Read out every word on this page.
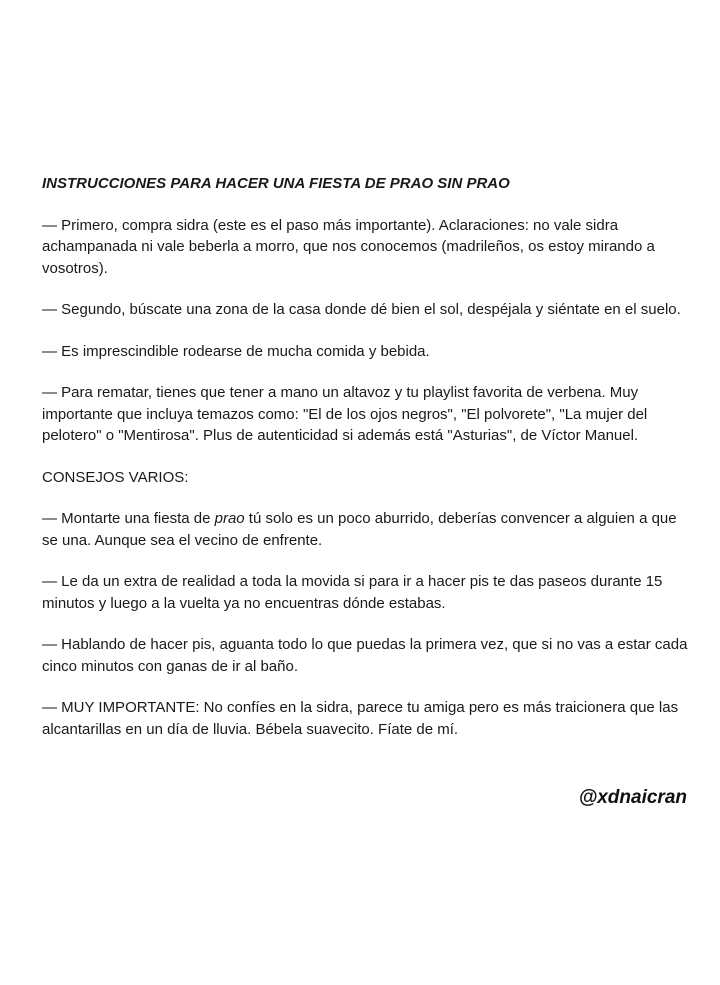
INSTRUCCIONES PARA HACER UNA FIESTA DE PRAO SIN PRAO
— Primero, compra sidra (este es el paso más importante). Aclaraciones: no vale sidra achampanada ni vale beberla a morro, que nos conocemos (madrileños, os estoy mirando a vosotros).
— Segundo, búscate una zona de la casa donde dé bien el sol, despéjala y siéntate en el suelo.
— Es imprescindible rodearse de mucha comida y bebida.
— Para rematar, tienes que tener a mano un altavoz y tu playlist favorita de verbena. Muy importante que incluya temazos como: "El de los ojos negros", "El polvorete", "La mujer del pelotero" o "Mentirosa". Plus de autenticidad si además está "Asturias", de Víctor Manuel.
CONSEJOS VARIOS:
— Montarte una fiesta de prao tú solo es un poco aburrido, deberías convencer a alguien a que se una. Aunque sea el vecino de enfrente.
— Le da un extra de realidad a toda la movida si para ir a hacer pis te das paseos durante 15 minutos y luego a la vuelta ya no encuentras dónde estabas.
— Hablando de hacer pis, aguanta todo lo que puedas la primera vez, que si no vas a estar cada cinco minutos con ganas de ir al baño.
— MUY IMPORTANTE: No confíes en la sidra, parece tu amiga pero es más traicionera que las alcantarillas en un día de lluvia. Bébela suavecito. Fíate de mí.
@xdnaicran
